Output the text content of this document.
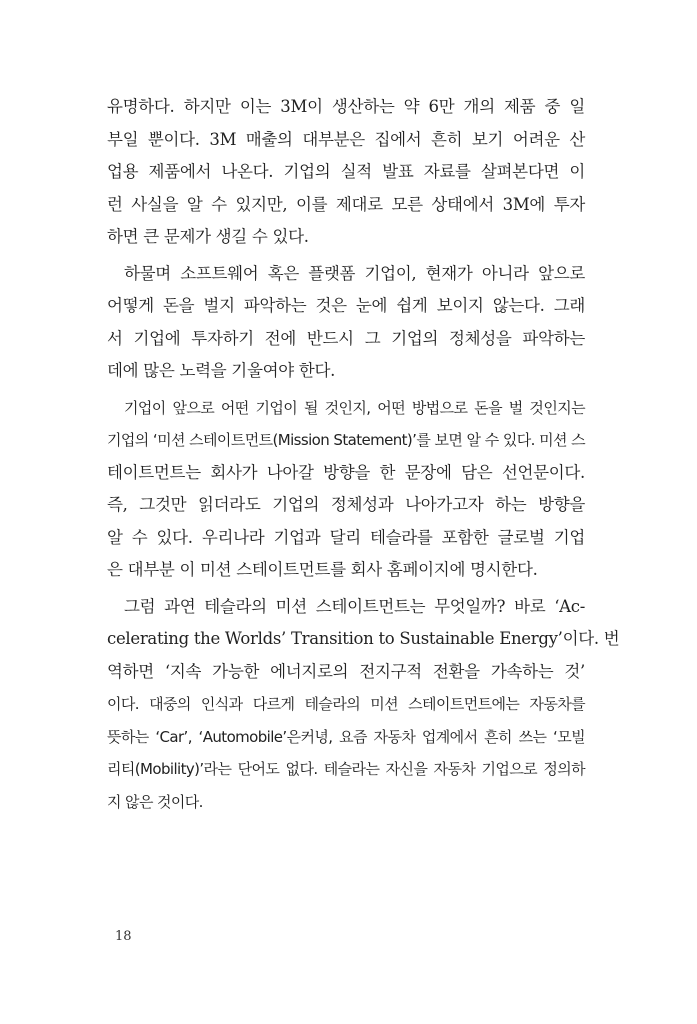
유명하다. 하지만 이는 3M이 생산하는 약 6만 개의 제품 중 일
부일 뿐이다. 3M 매출의 대부분은 집에서 흔히 보기 어려운 산
업용 제품에서 나온다. 기업의 실적 발표 자료를 살펴본다면 이
런 사실을 알 수 있지만, 이를 제대로 모른 상태에서 3M에 투자
하면 큰 문제가 생길 수 있다.
하물며 소프트웨어 혹은 플랫폼 기업이, 현재가 아니라 앞으로
어떻게 돈을 벌지 파악하는 것은 눈에 쉽게 보이지 않는다. 그래
서 기업에 투자하기 전에 반드시 그 기업의 정체성을 파악하는
데에 많은 노력을 기울여야 한다.
기업이 앞으로 어떤 기업이 될 것인지, 어떤 방법으로 돈을 벌 것인지는
기업의 ‘미션 스테이트먼트(Mission Statement)’를 보면 알 수 있다. 미션 스
테이트먼트는 회사가 나아갈 방향을 한 문장에 담은 선언문이다.
즉, 그것만 읽더라도 기업의 정체성과 나아가고자 하는 방향을
알 수 있다. 우리나라 기업과 달리 테슬라를 포함한 글로벌 기업
은 대부분 이 미션 스테이트먼트를 회사 홈페이지에 명시한다.
그럼 과연 테슬라의 미션 스테이트먼트는 무엇일까? 바로 ‘Ac-
celerating the Worlds’ Transition to Sustainable Energy’이다. 번
역하면 ‘지속 가능한 에너지로의 전지구적 전환을 가속하는 것’
이다. 대중의 인식과 다르게 테슬라의 미션 스테이트먼트에는 자동차를
뜻하는 ‘Car’, ‘Automobile’은커녕, 요즘 자동차 업계에서 흔히 쓰는 ‘모빌
리티(Mobility)’라는 단어도 없다. 테슬라는 자신을 자동차 기업으로 정의하
지 않은 것이다.
18
